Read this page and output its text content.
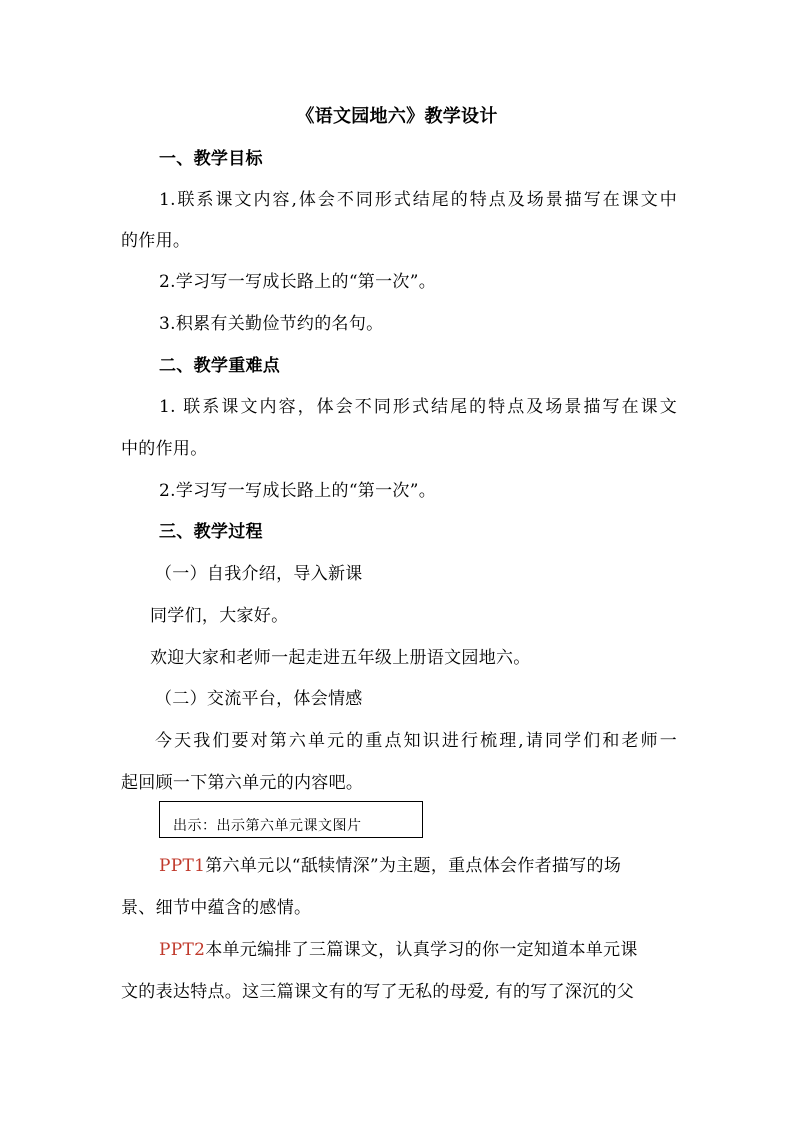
《语文园地六》教学设计
一、教学目标
1.联系课文内容,体会不同形式结尾的特点及场景描写在课文中
的作用。
2.学习写一写成长路上的“第一次”。
3.积累有关勤俭节约的名句。
二、教学重难点
1. 联系课文内容，体会不同形式结尾的特点及场景描写在课文
中的作用。
2.学习写一写成长路上的“第一次”。
三、教学过程
（一）自我介绍，导入新课
同学们，大家好。
欢迎大家和老师一起走进五年级上册语文园地六。
（二）交流平台，体会情感
今天我们要对第六单元的重点知识进行梳理,请同学们和老师一
起回顾一下第六单元的内容吧。
出示：出示第六单元课文图片
PPT1第六单元以“舐犊情深”为主题，重点体会作者描写的场
景、细节中蕴含的感情。
PPT2本单元编排了三篇课文，认真学习的你一定知道本单元课
文的表达特点。这三篇课文有的写了无私的母爱, 有的写了深沉的父
